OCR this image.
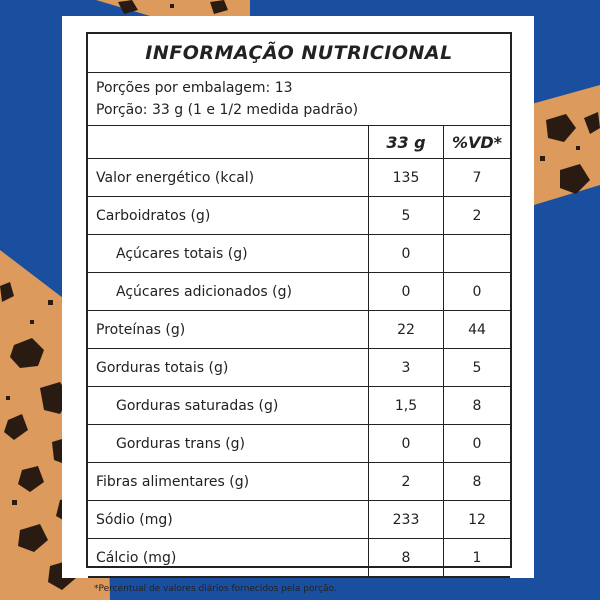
INFORMAÇÃO NUTRICIONAL
Porções por embalagem: 13
Porção: 33 g (1 e 1/2 medida padrão)
	33 g	%VD*
Valor energético (kcal)	135	7
Carboidratos (g)	5	2
Açúcares totais (g)	0	
Açúcares adicionados (g)	0	0
Proteínas (g)	22	44
Gorduras totais (g)	3	5
Gorduras saturadas (g)	1,5	8
Gorduras trans (g)	0	0
Fibras alimentares (g)	2	8
Sódio (mg)	233	12
Cálcio (mg)	8	1
*Percentual de valores diários fornecidos pela porção.
